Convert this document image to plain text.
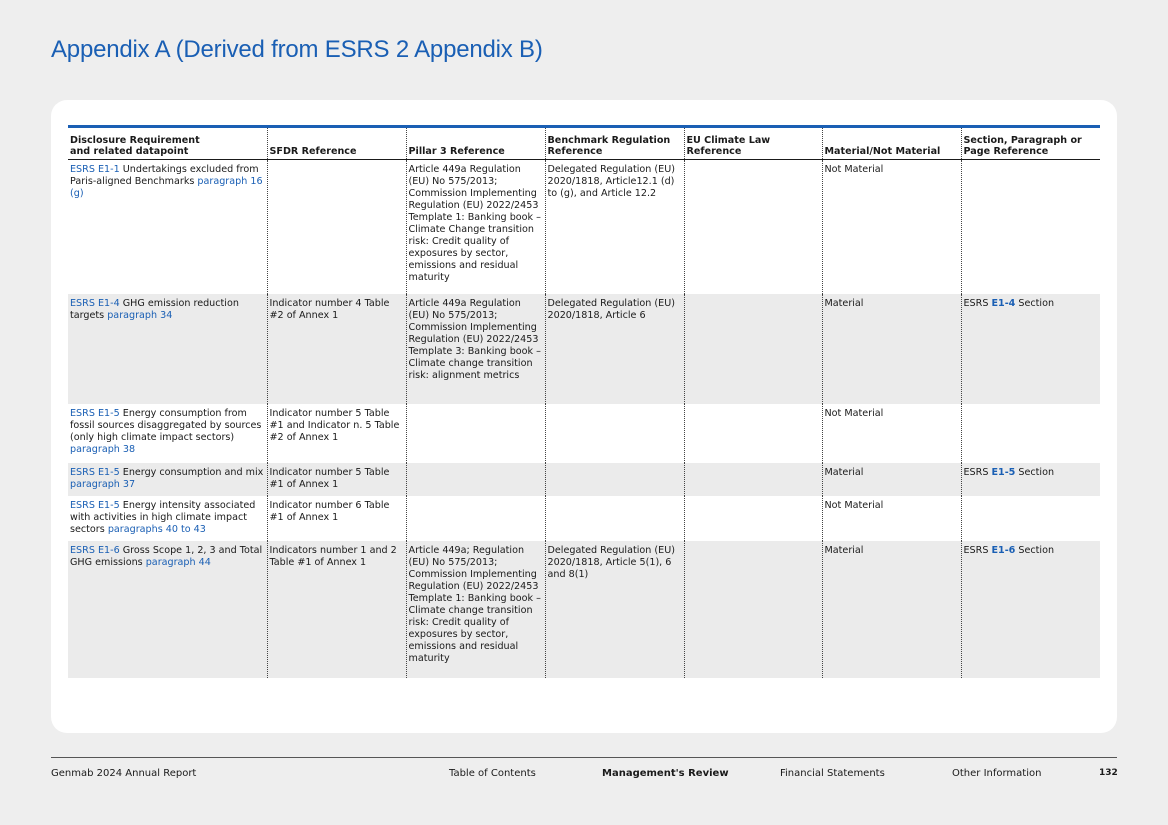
Appendix A (Derived from ESRS 2 Appendix B)
Disclosure Requirement
and related datapoint	SFDR Reference	Pillar 3 Reference	Benchmark Regulation Reference	EU Climate Law Reference	Material/Not Material	Section, Paragraph or Page Reference
ESRS E1-1 Undertakings excluded from Paris-aligned Benchmarks paragraph 16 (g)		Article 449a Regulation (EU) No 575/2013; Commission Implementing Regulation (EU) 2022/2453 Template 1: Banking book – Climate Change transition risk: Credit quality of exposures by sector, emissions and residual maturity	Delegated Regulation (EU) 2020/1818, Article12.1 (d) to (g), and Article 12.2		Not Material	
ESRS E1-4 GHG emission reduction targets paragraph 34	Indicator number 4 Table #2 of Annex 1	Article 449a Regulation (EU) No 575/2013; Commission Implementing Regulation (EU) 2022/2453 Template 3: Banking book – Climate change transition risk: alignment metrics	Delegated Regulation (EU) 2020/1818, Article 6		Material	ESRS E1-4 Section
ESRS E1-5 Energy consumption from fossil sources disaggregated by sources (only high climate impact sectors) paragraph 38	Indicator number 5 Table #1 and Indicator n. 5 Table #2 of Annex 1				Not Material	
ESRS E1-5 Energy consumption and mix paragraph 37	Indicator number 5 Table #1 of Annex 1				Material	ESRS E1-5 Section
ESRS E1-5 Energy intensity associated with activities in high climate impact sectors paragraphs 40 to 43	Indicator number 6 Table #1 of Annex 1				Not Material	
ESRS E1-6 Gross Scope 1, 2, 3 and Total GHG emissions paragraph 44	Indicators number 1 and 2 Table #1 of Annex 1	Article 449a; Regulation (EU) No 575/2013; Commission Implementing Regulation (EU) 2022/2453 Template 1: Banking book – Climate change transition risk: Credit quality of exposures by sector, emissions and residual maturity	Delegated Regulation (EU) 2020/1818, Article 5(1), 6 and 8(1)		Material	ESRS E1-6 Section
Genmab 2024 Annual Report	Table of Contents	Management's Review	Financial Statements	Other Information	132
